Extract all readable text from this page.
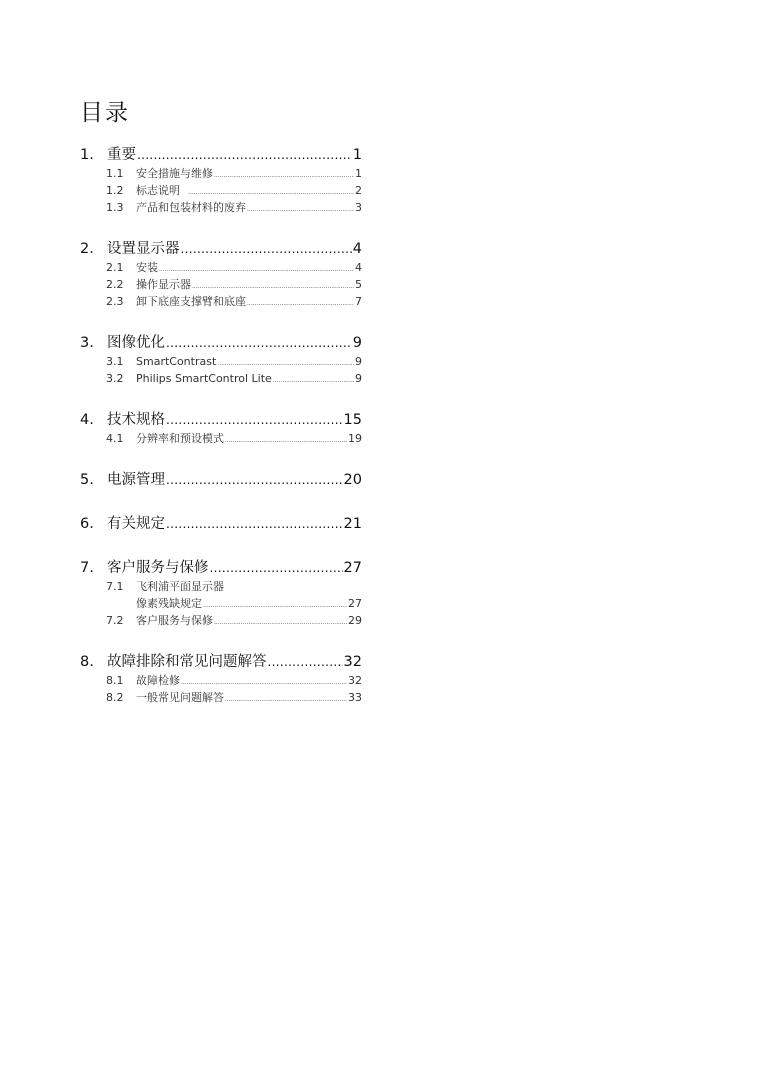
目录
1. 重要 .....	1
1.1	安全措施与维修 .....	1
1.2	标志说明 .....	2
1.3	产品和包装材料的废弃 .....	3
2. 设置显示器 .....	4
2.1	安装 .....	4
2.2	操作显示器 .....	5
2.3	卸下底座支撑臂和底座 .....	7
3. 图像优化 .....	9
3.1	SmartContrast .....	9
3.2	Philips SmartControl Lite .....	9
4. 技术规格 .....	15
4.1	分辨率和预设模式 .....	19
5. 电源管理 .....	20
6. 有关规定 .....	21
7. 客户服务与保修 .....	27
7.1	飞利浦平面显示器
像素残缺规定 .....	27
7.2	客户服务与保修 .....	29
8. 故障排除和常见问题解答 .....	32
8.1	故障检修 .....	32
8.2	一般常见问题解答 .....	33
